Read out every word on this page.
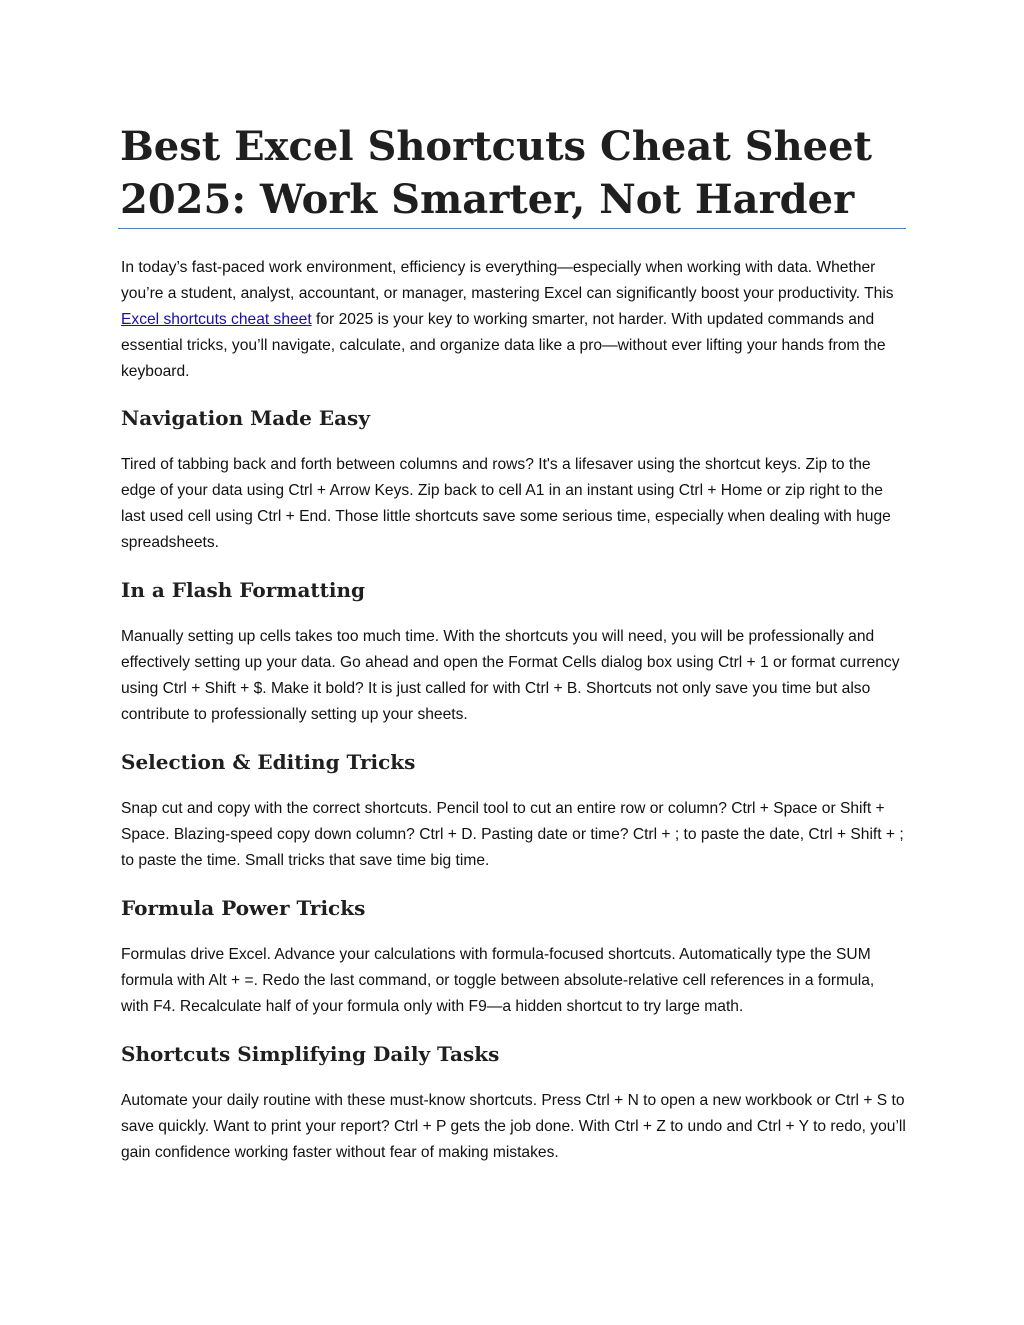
Best Excel Shortcuts Cheat Sheet
2025: Work Smarter, Not Harder

In today’s fast-paced work environment, efficiency is everything—especially when working with data. Whether you’re a student, analyst, accountant, or manager, mastering Excel can significantly boost your productivity. This Excel shortcuts cheat sheet for 2025 is your key to working smarter, not harder. With updated commands and essential tricks, you’ll navigate, calculate, and organize data like a pro—without ever lifting your hands from the keyboard.

Navigation Made Easy

Tired of tabbing back and forth between columns and rows? It's a lifesaver using the shortcut keys. Zip to the edge of your data using Ctrl + Arrow Keys. Zip back to cell A1 in an instant using Ctrl + Home or zip right to the last used cell using Ctrl + End. Those little shortcuts save some serious time, especially when dealing with huge spreadsheets.

In a Flash Formatting

Manually setting up cells takes too much time. With the shortcuts you will need, you will be professionally and effectively setting up your data. Go ahead and open the Format Cells dialog box using Ctrl + 1 or format currency using Ctrl + Shift + $. Make it bold? It is just called for with Ctrl + B. Shortcuts not only save you time but also contribute to professionally setting up your sheets.

Selection & Editing Tricks

Snap cut and copy with the correct shortcuts. Pencil tool to cut an entire row or column? Ctrl + Space or Shift + Space. Blazing-speed copy down column? Ctrl + D. Pasting date or time? Ctrl + ; to paste the date, Ctrl + Shift + ; to paste the time. Small tricks that save time big time.

Formula Power Tricks

Formulas drive Excel. Advance your calculations with formula-focused shortcuts. Automatically type the SUM formula with Alt + =. Redo the last command, or toggle between absolute-relative cell references in a formula, with F4. Recalculate half of your formula only with F9—a hidden shortcut to try large math.

Shortcuts Simplifying Daily Tasks

Automate your daily routine with these must-know shortcuts. Press Ctrl + N to open a new workbook or Ctrl + S to save quickly. Want to print your report? Ctrl + P gets the job done. With Ctrl + Z to undo and Ctrl + Y to redo, you’ll gain confidence working faster without fear of making mistakes.
